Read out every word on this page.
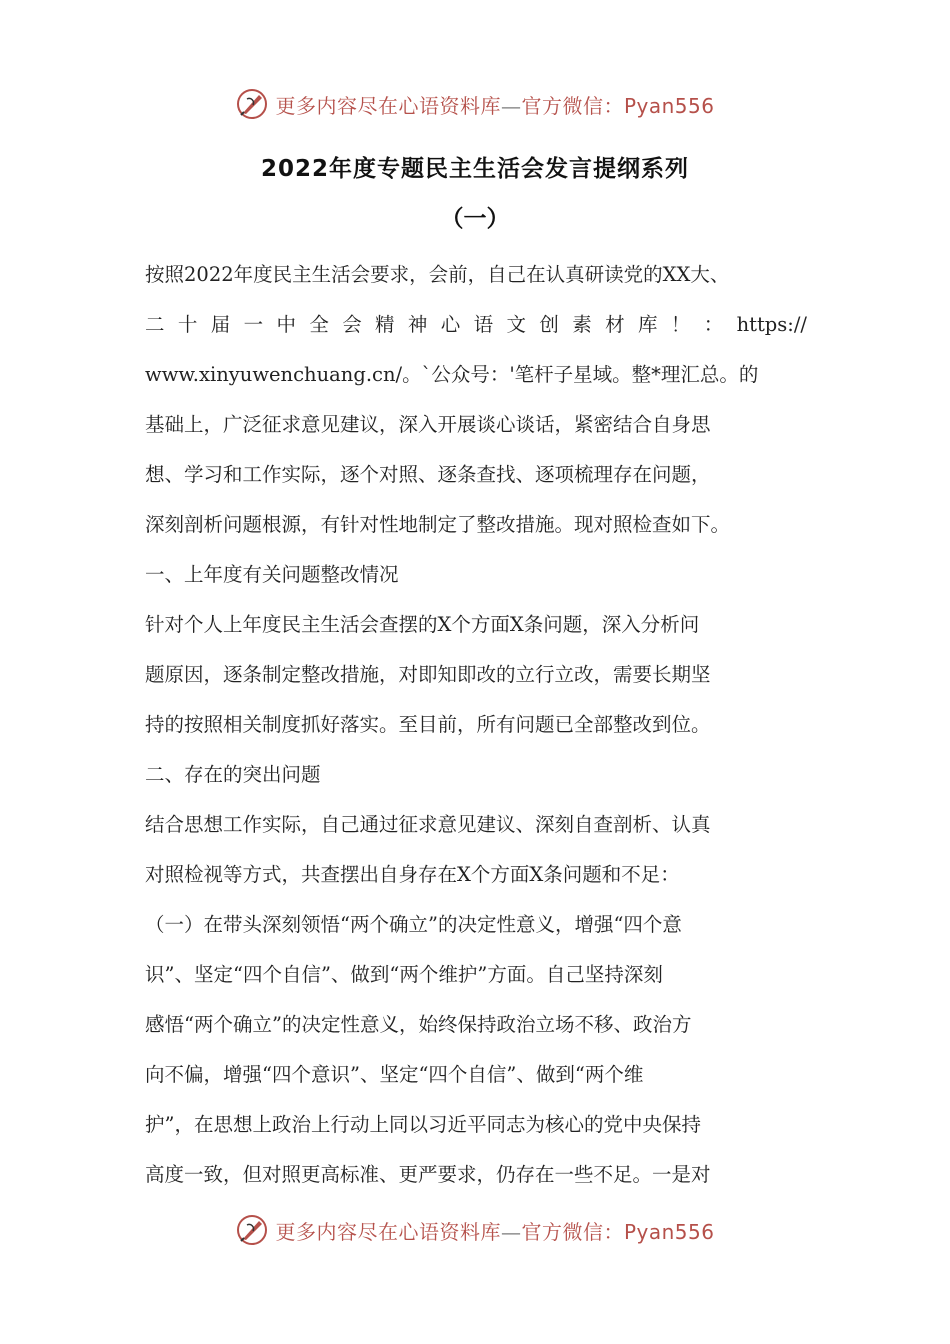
更多内容尽在心语资料库—官方微信：Pyan556
2022年度专题民主生活会发言提纲系列
（一）

按照2022年度民主生活会要求，会前，自己在认真研读党的XX大、

二十届一中全会精神心语文创素材库！：https://

www.xinyuwenchuang.cn/。`公众号：'笔杆子星域。整*理汇总。的

基础上，广泛征求意见建议，深入开展谈心谈话，紧密结合自身思

想、学习和工作实际，逐个对照、逐条查找、逐项梳理存在问题，

深刻剖析问题根源，有针对性地制定了整改措施。现对照检查如下。

一、上年度有关问题整改情况

针对个人上年度民主生活会查摆的X个方面X条问题，深入分析问

题原因，逐条制定整改措施，对即知即改的立行立改，需要长期坚

持的按照相关制度抓好落实。至目前，所有问题已全部整改到位。

二、存在的突出问题

结合思想工作实际，自己通过征求意见建议、深刻自查剖析、认真

对照检视等方式，共查摆出自身存在X个方面X条问题和不足：

（一）在带头深刻领悟“两个确立”的决定性意义，增强“四个意

识”、坚定“四个自信”、做到“两个维护”方面。自己坚持深刻

感悟“两个确立”的决定性意义，始终保持政治立场不移、政治方

向不偏，增强“四个意识”、坚定“四个自信”、做到“两个维

护”，在思想上政治上行动上同以习近平同志为核心的党中央保持

高度一致，但对照更高标准、更严要求，仍存在一些不足。一是对

更多内容尽在心语资料库—官方微信：Pyan556
